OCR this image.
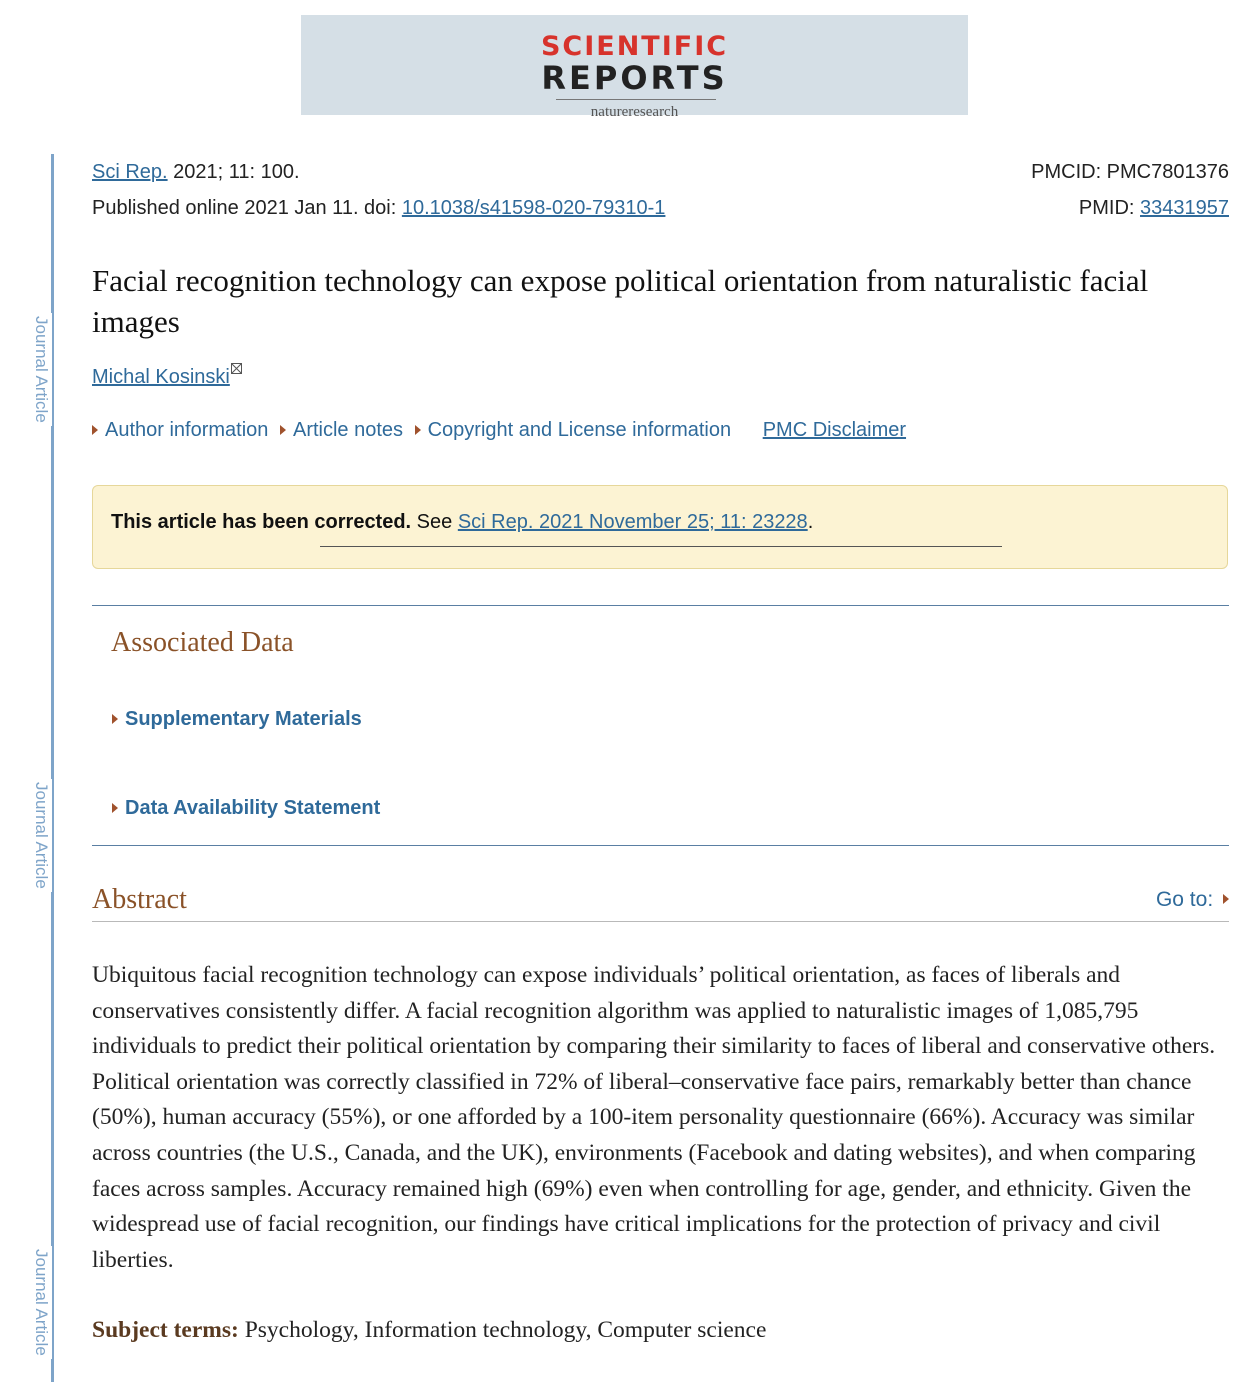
SCIENTIFIC
REPORTS
natureresearch
Journal Article
Journal Article
Journal Article
Sci Rep. 2021; 11: 100.
Published online 2021 Jan 11. doi: 10.1038/s41598-020-79310-1
PMCID: PMC7801376
PMID: 33431957
Facial recognition technology can expose political orientation from naturalistic facial images
Michal Kosinski
Author information Article notes Copyright and License information PMC Disclaimer
This article has been corrected. See Sci Rep. 2021 November 25; 11: 23228.
Associated Data
Supplementary Materials
Data Availability Statement
Abstract	Go to:
Ubiquitous facial recognition technology can expose individuals’ political orientation, as faces of liberals and conservatives consistently differ. A facial recognition algorithm was applied to naturalistic images of 1,085,795 individuals to predict their political orientation by comparing their similarity to faces of liberal and conservative others. Political orientation was correctly classified in 72% of liberal–conservative face pairs, remarkably better than chance (50%), human accuracy (55%), or one afforded by a 100-item personality questionnaire (66%). Accuracy was similar across countries (the U.S., Canada, and the UK), environments (Facebook and dating websites), and when comparing faces across samples. Accuracy remained high (69%) even when controlling for age, gender, and ethnicity. Given the widespread use of facial recognition, our findings have critical implications for the protection of privacy and civil liberties.
Subject terms: Psychology, Information technology, Computer science
